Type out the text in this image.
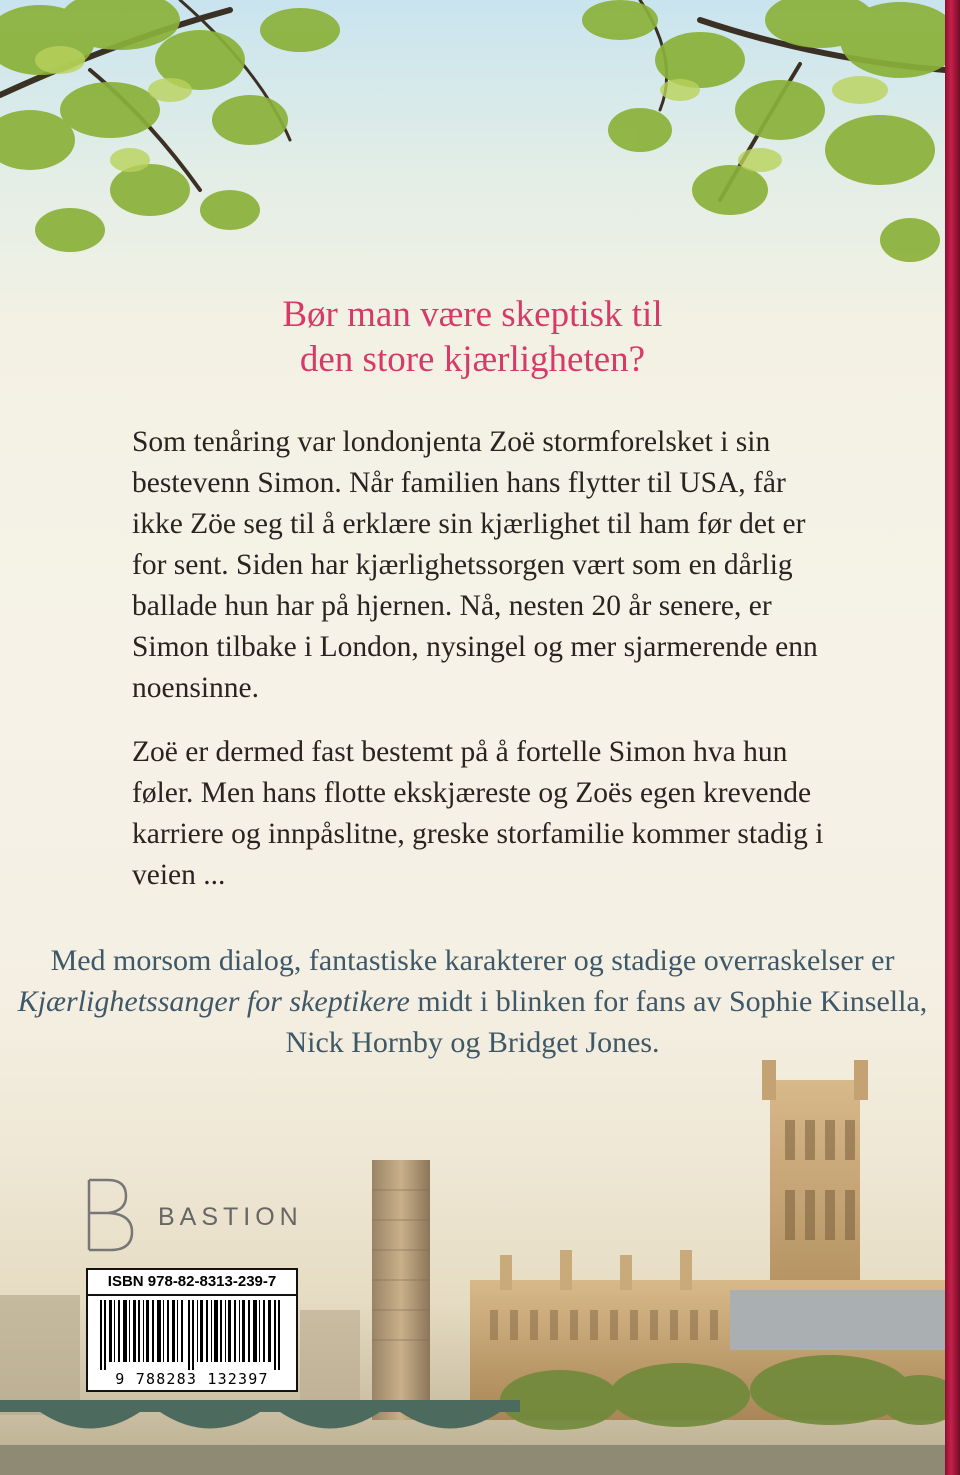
Bør man være skeptisk til
den store kjærligheten?

Som tenåring var londonjenta Zoë stormforelsket i sin bestevenn Simon. Når familien hans flytter til USA, får ikke Zöe seg til å erklære sin kjærlighet til ham før det er for sent. Siden har kjærlighetssorgen vært som en dårlig ballade hun har på hjernen. Nå, nesten 20 år senere, er Simon tilbake i London, nysingel og mer sjarmerende enn noensinne.

Zoë er dermed fast bestemt på å fortelle Simon hva hun føler. Men hans flotte ekskjæreste og Zoës egen krevende karriere og innpåslitne, greske storfamilie kommer stadig i veien ...

Med morsom dialog, fantastiske karakterer og stadige overraskelser er Kjærlighetssanger for skeptikere midt i blinken for fans av Sophie Kinsella, Nick Hornby og Bridget Jones.

BASTION
ISBN 978-82-8313-239-7
9 788283 132397
